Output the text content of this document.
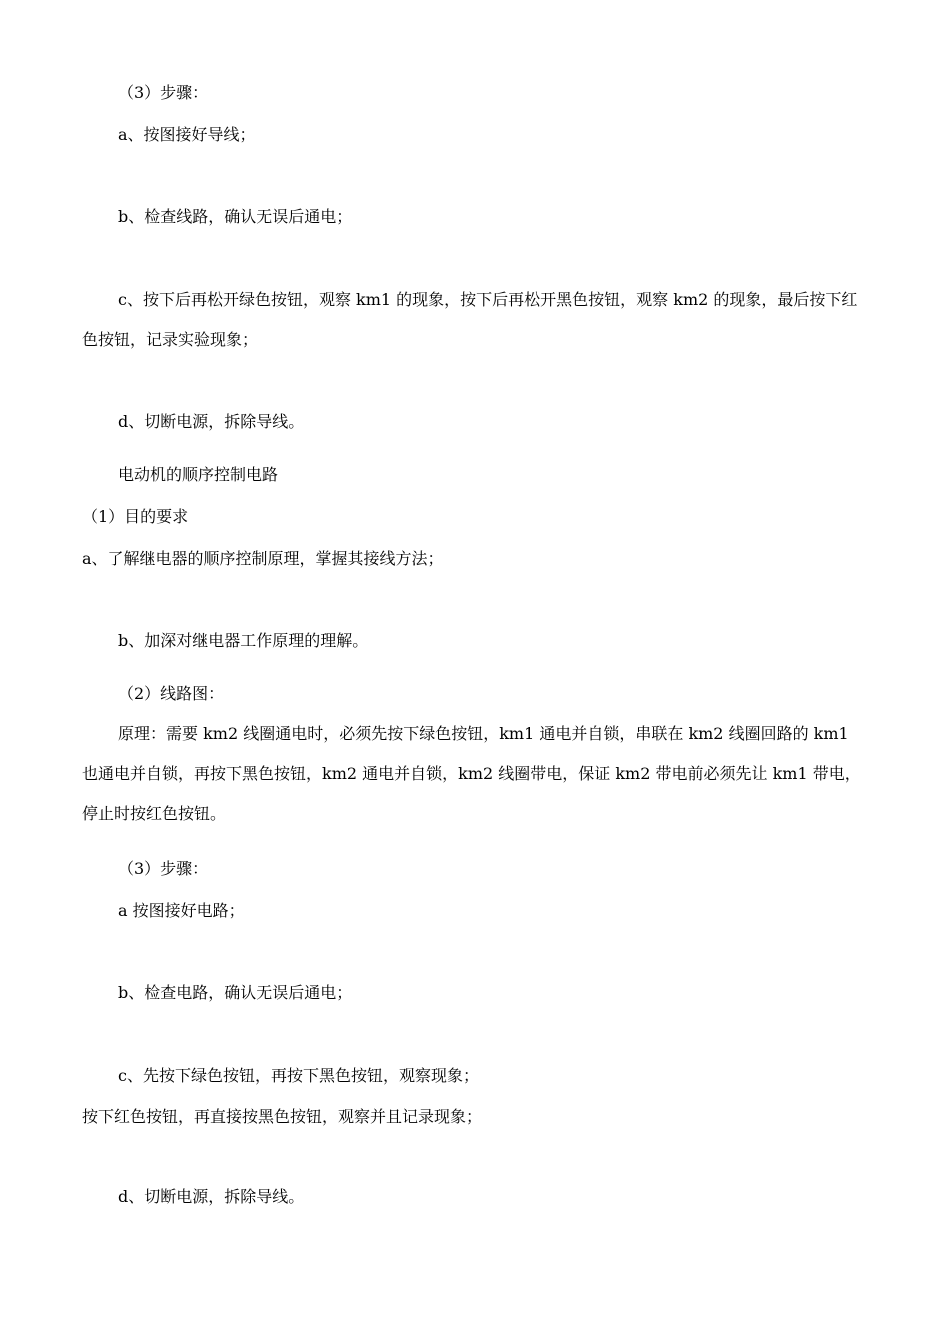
（3）步骤：
a、按图接好导线；
b、检查线路，确认无误后通电；
c、按下后再松开绿色按钮，观察 km1 的现象，按下后再松开黑色按钮，观察 km2 的现象，最后按下红色按钮，记录实验现象；
d、切断电源，拆除导线。
电动机的顺序控制电路
（1）目的要求
a、了解继电器的顺序控制原理，掌握其接线方法；
b、加深对继电器工作原理的理解。
（2）线路图：
原理：需要 km2 线圈通电时，必须先按下绿色按钮，km1 通电并自锁，串联在 km2 线圈回路的 km1 也通电并自锁，再按下黑色按钮，km2 通电并自锁，km2 线圈带电，保证 km2 带电前必须先让 km1 带电，停止时按红色按钮。
（3）步骤：
a 按图接好电路；
b、检查电路，确认无误后通电；
c、先按下绿色按钮，再按下黑色按钮，观察现象；
按下红色按钮，再直接按黑色按钮，观察并且记录现象；
d、切断电源，拆除导线。
